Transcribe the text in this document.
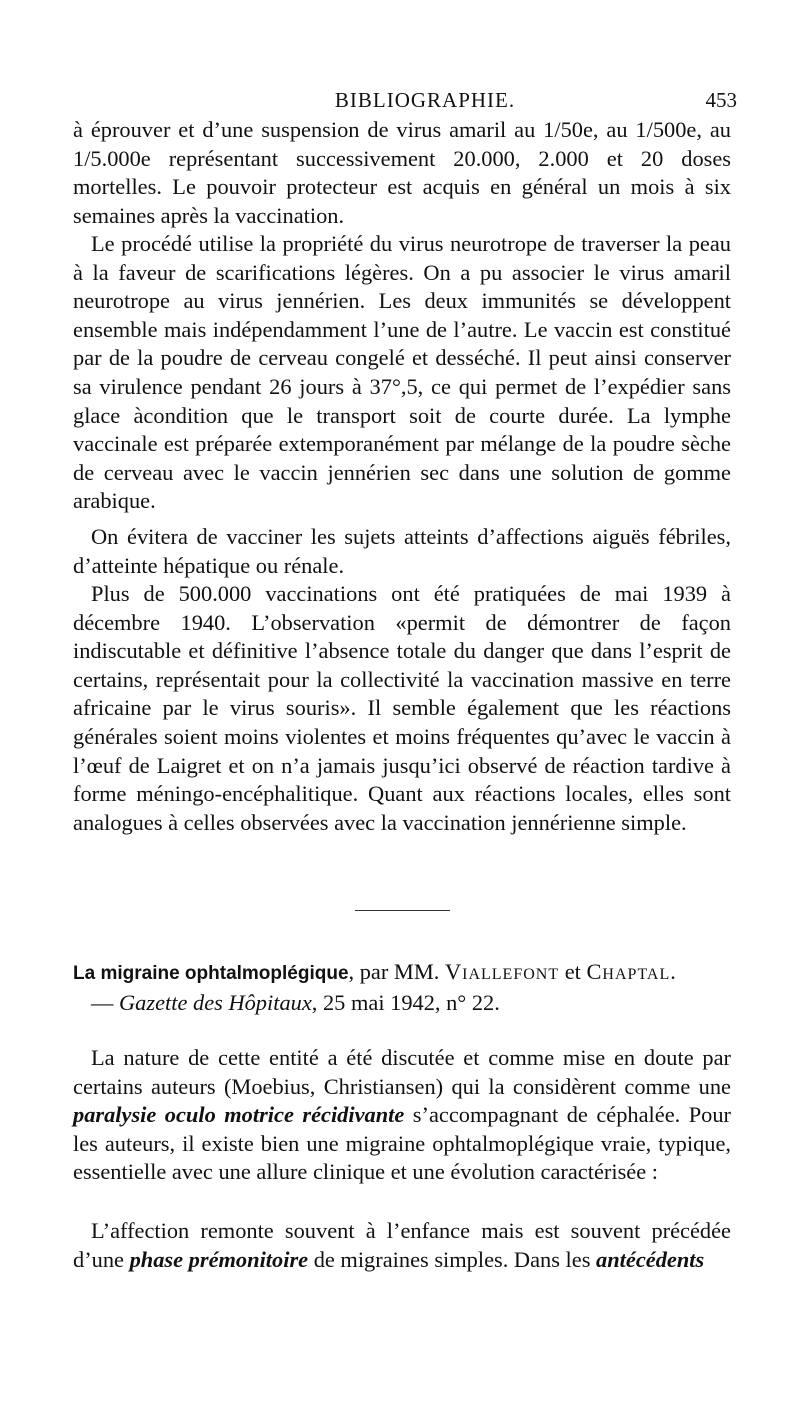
BIBLIOGRAPHIE.	453

à éprouver et d’une suspension de virus amaril au 1/50e, au 1/500e, au 1/5.000e représentant successivement 20.000, 2.000 et 20 doses mortelles. Le pouvoir protecteur est acquis en général un mois à six semaines après la vaccination.

Le procédé utilise la propriété du virus neurotrope de traverser la peau à la faveur de scarifications légères. On a pu associer le virus amaril neurotrope au virus jennérien. Les deux immunités se développent ensemble mais indépendamment l’une de l’autre. Le vaccin est constitué par de la poudre de cerveau congelé et desséché. Il peut ainsi conserver sa virulence pendant 26 jours à 37°,5, ce qui permet de l’expédier sans glace àcondition que le transport soit de courte durée. La lymphe vaccinale est préparée extemporanément par mélange de la poudre sèche de cerveau avec le vaccin jennérien sec dans une solution de gomme arabique.

On évitera de vacciner les sujets atteints d’affections aiguës fébriles, d’atteinte hépatique ou rénale.

Plus de 500.000 vaccinations ont été pratiquées de mai 1939 à décembre 1940. L’observation «permit de démontrer de façon indiscutable et définitive l’absence totale du danger que dans l’esprit de certains, représentait pour la collectivité la vaccination massive en terre africaine par le virus souris». Il semble également que les réactions générales soient moins violentes et moins fréquentes qu’avec le vaccin à l’œuf de Laigret et on n’a jamais jusqu’ici observé de réaction tardive à forme méningo-encéphalitique. Quant aux réactions locales, elles sont analogues à celles observées avec la vaccination jennérienne simple.

La migraine ophtalmoplégique, par MM. Viallefont et Chaptal.
— Gazette des Hôpitaux, 25 mai 1942, n° 22.

La nature de cette entité a été discutée et comme mise en doute par certains auteurs (Moebius, Christiansen) qui la considèrent comme une paralysie oculo motrice récidivante s’accompagnant de céphalée. Pour les auteurs, il existe bien une migraine ophtalmoplégique vraie, typique, essentielle avec une allure clinique et une évolution caractérisée :

L’affection remonte souvent à l’enfance mais est souvent précédée d’une phase prémonitoire de migraines simples. Dans les antécédents
